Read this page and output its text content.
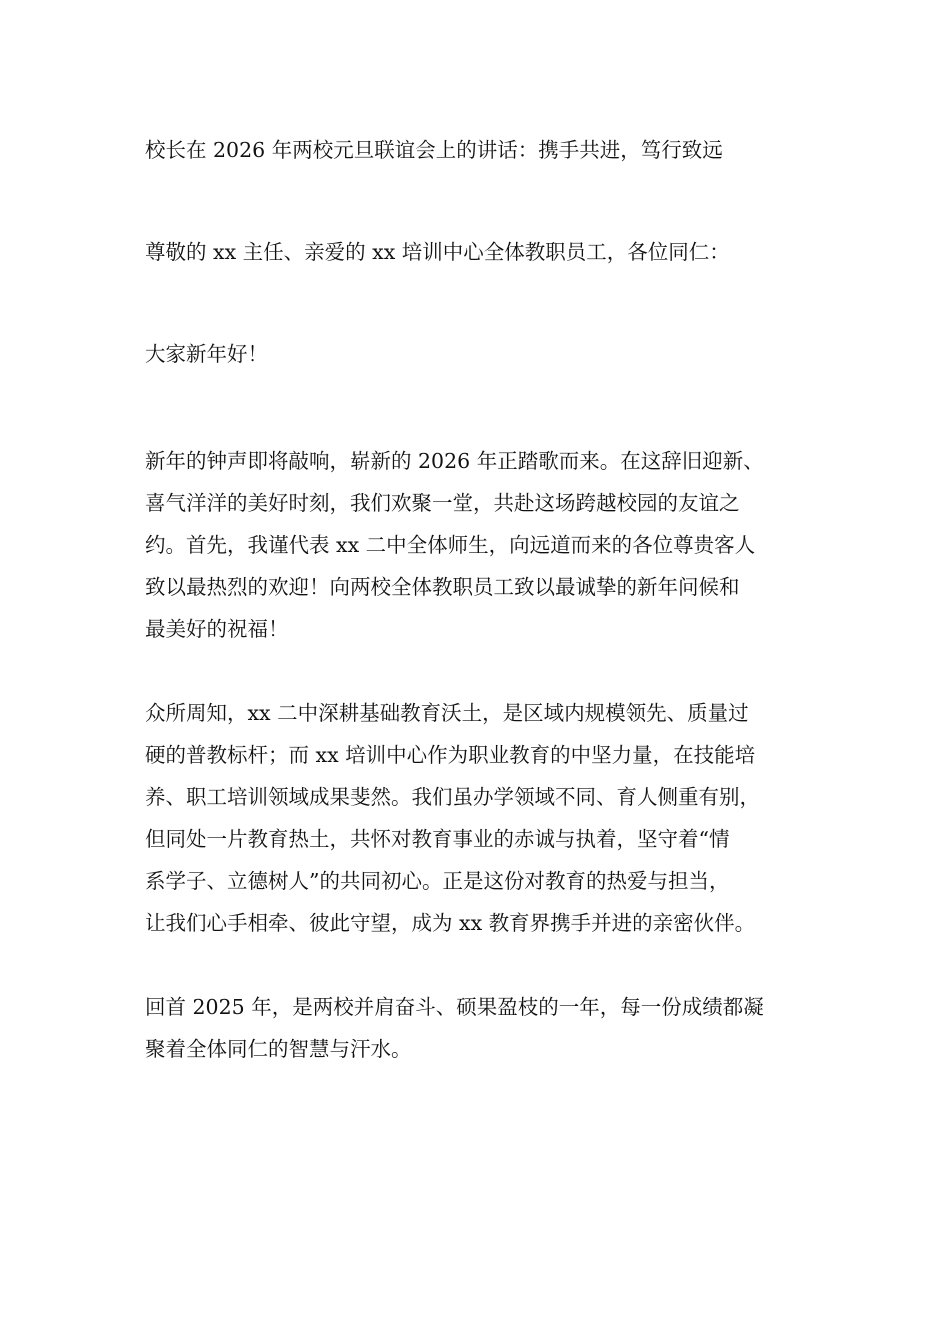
校长在 2026 年两校元旦联谊会上的讲话：携手共进，笃行致远
尊敬的 xx 主任、亲爱的 xx 培训中心全体教职员工，各位同仁：
大家新年好！
新年的钟声即将敲响，崭新的 2026 年正踏歌而来。在这辞旧迎新、
喜气洋洋的美好时刻，我们欢聚一堂，共赴这场跨越校园的友谊之
约。首先，我谨代表 xx 二中全体师生，向远道而来的各位尊贵客人
致以最热烈的欢迎！向两校全体教职员工致以最诚挚的新年问候和
最美好的祝福！
众所周知，xx 二中深耕基础教育沃土，是区域内规模领先、质量过
硬的普教标杆；而 xx 培训中心作为职业教育的中坚力量，在技能培
养、职工培训领域成果斐然。我们虽办学领域不同、育人侧重有别，
但同处一片教育热土，共怀对教育事业的赤诚与执着，坚守着“情
系学子、立德树人”的共同初心。正是这份对教育的热爱与担当，
让我们心手相牵、彼此守望，成为 xx 教育界携手并进的亲密伙伴。
回首 2025 年，是两校并肩奋斗、硕果盈枝的一年，每一份成绩都凝
聚着全体同仁的智慧与汗水。
